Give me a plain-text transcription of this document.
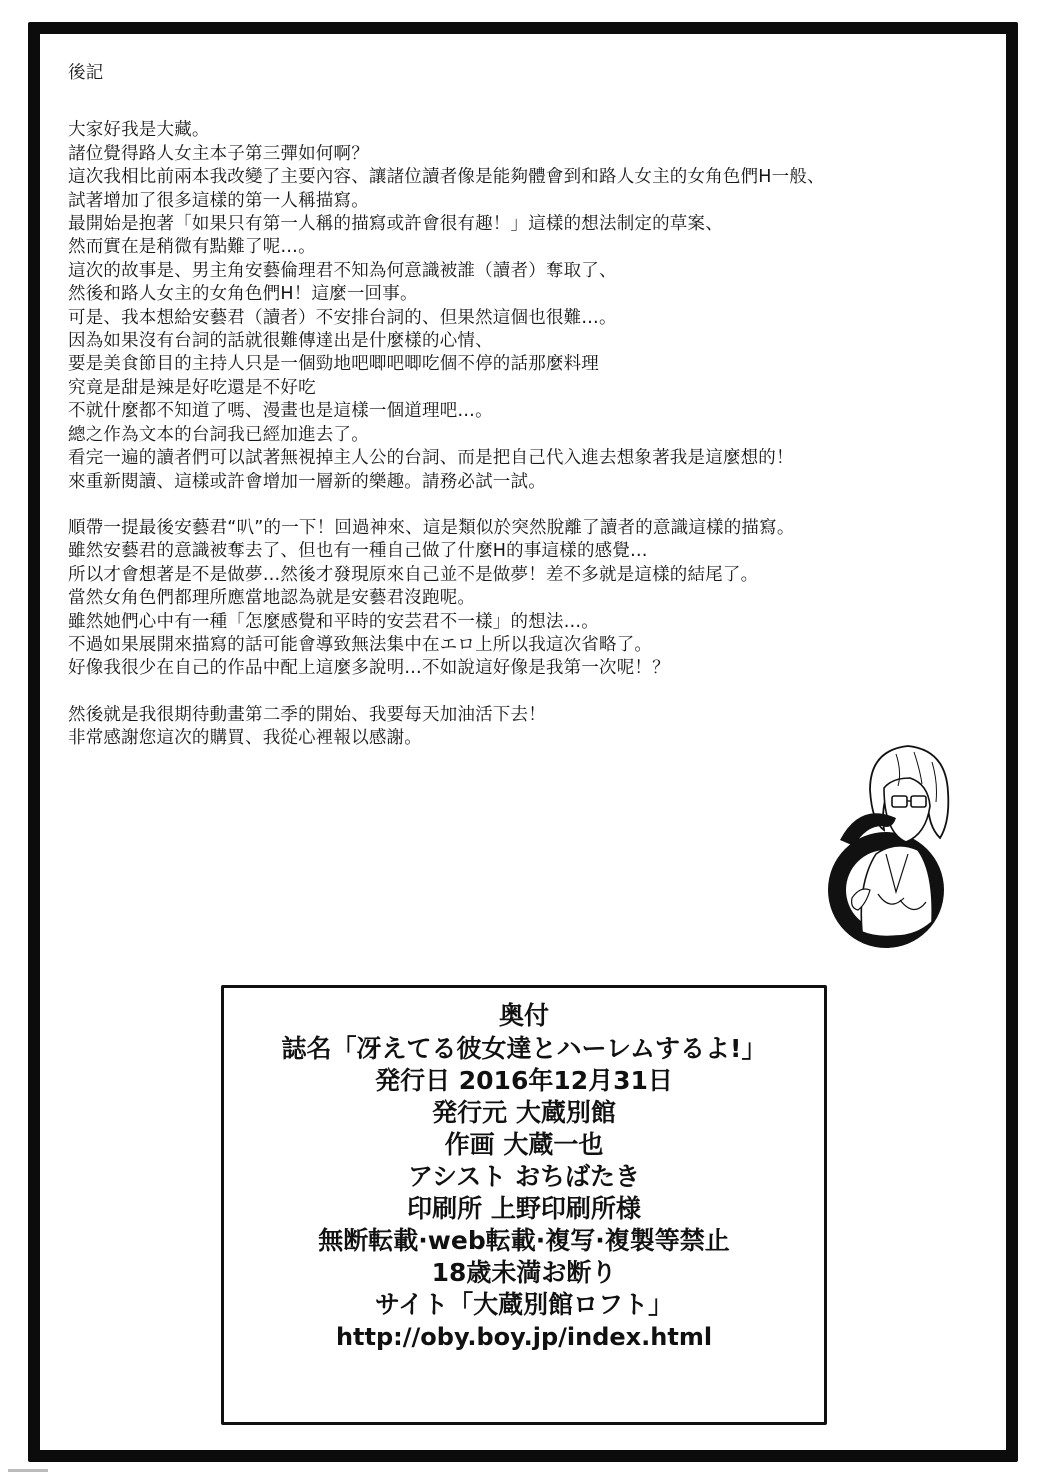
後記
大家好我是大藏。
諸位覺得路人女主本子第三彈如何啊？
這次我相比前兩本我改變了主要內容、讓諸位讀者像是能夠體會到和路人女主的女角色們H一般、
試著增加了很多這樣的第一人稱描寫。
最開始是抱著「如果只有第一人稱的描寫或許會很有趣！」這樣的想法制定的草案、
然而實在是稍微有點難了呢…。
這次的故事是、男主角安藝倫理君不知為何意識被誰（讀者）奪取了、
然後和路人女主的女角色們H！這麼一回事。
可是、我本想給安藝君（讀者）不安排台詞的、但果然這個也很難…。
因為如果沒有台詞的話就很難傳達出是什麼樣的心情、
要是美食節目的主持人只是一個勁地吧唧吧唧吃個不停的話那麼料理
究竟是甜是辣是好吃還是不好吃
不就什麼都不知道了嗎、漫畫也是這樣一個道理吧…。
總之作為文本的台詞我已經加進去了。
看完一遍的讀者們可以試著無視掉主人公的台詞、而是把自己代入進去想象著我是這麼想的！
來重新閱讀、這樣或許會增加一層新的樂趣。請務必試一試。
順帶一提最後安藝君“叭”的一下！回過神來、這是類似於突然脫離了讀者的意識這樣的描寫。
雖然安藝君的意識被奪去了、但也有一種自己做了什麼H的事這樣的感覺…
所以才會想著是不是做夢…然後才發現原來自己並不是做夢！差不多就是這樣的結尾了。
當然女角色們都理所應當地認為就是安藝君沒跑呢。
雖然她們心中有一種「怎麼感覺和平時的安芸君不一樣」的想法…。
不過如果展開來描寫的話可能會導致無法集中在エロ上所以我這次省略了。
好像我很少在自己的作品中配上這麼多說明…不如說這好像是我第一次呢！？
然後就是我很期待動畫第二季的開始、我要每天加油活下去！
非常感謝您這次的購買、我從心裡報以感謝。
奥付
誌名「冴えてる彼女達とハーレムするよ!」
発行日 2016年12月31日
発行元 大蔵別館
作画 大蔵一也
アシスト おちばたき
印刷所 上野印刷所様
無断転載·web転載·複写·複製等禁止
18歳未満お断り
サイト「大蔵別館ロフト」
http://oby.boy.jp/index.html
